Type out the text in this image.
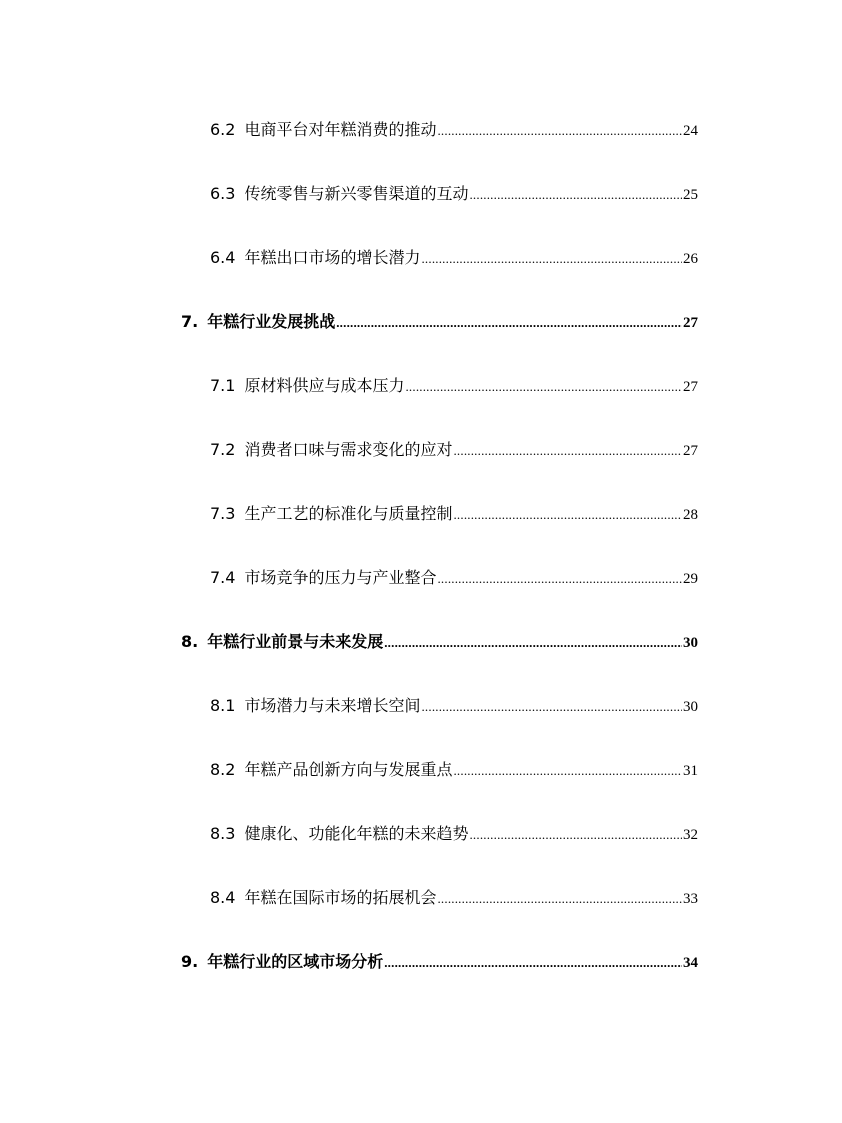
6.2 电商平台对年糕消费的推动 .....	24
6.3 传统零售与新兴零售渠道的互动 .....	25
6.4 年糕出口市场的增长潜力 .....	26
7. 年糕行业发展挑战 .....	27
7.1 原材料供应与成本压力 .....	27
7.2 消费者口味与需求变化的应对 .....	27
7.3 生产工艺的标准化与质量控制 .....	28
7.4 市场竞争的压力与产业整合 .....	29
8. 年糕行业前景与未来发展 .....	30
8.1 市场潜力与未来增长空间 .....	30
8.2 年糕产品创新方向与发展重点 .....	31
8.3 健康化、功能化年糕的未来趋势 .....	32
8.4 年糕在国际市场的拓展机会 .....	33
9. 年糕行业的区域市场分析 .....	34
